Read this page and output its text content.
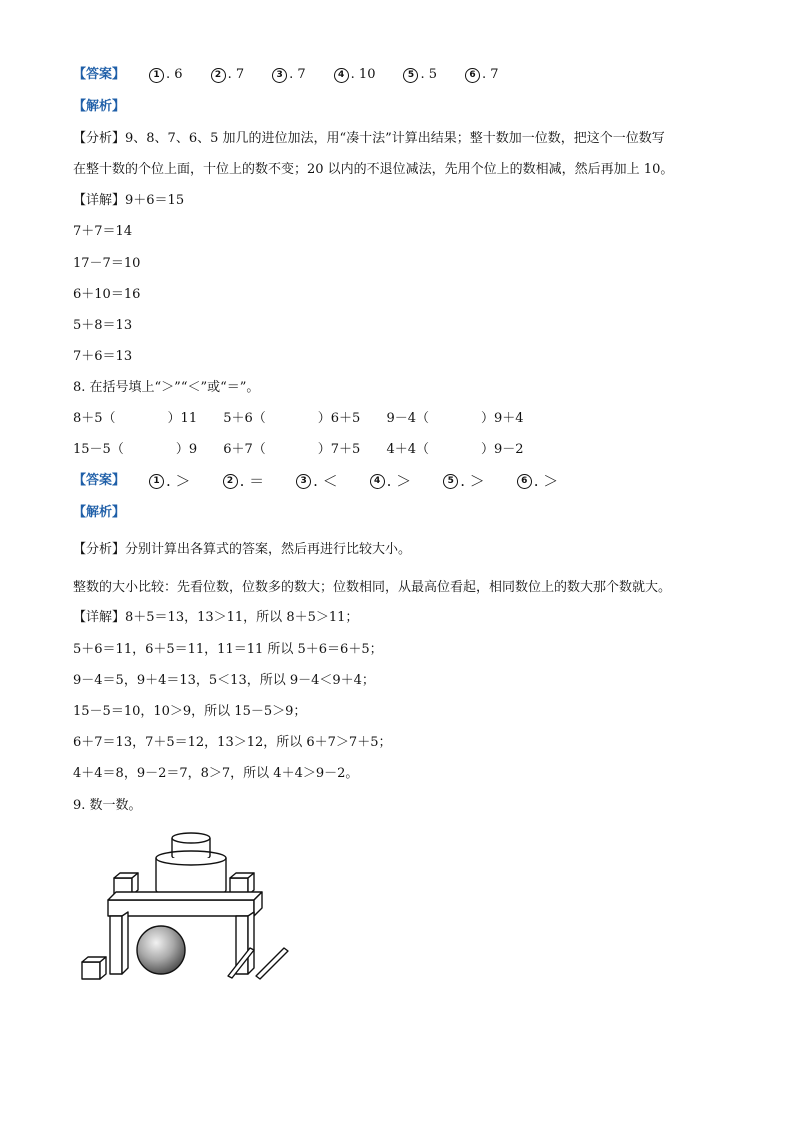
【答案】	1 . 6	2 . 7	3 . 7	4 . 10	5 . 5	6 . 7
【解析】
【分析】9、8、7、6、5 加几的进位加法，用“凑十法”计算出结果；整十数加一位数，把这个一位数写
在整十数的个位上面，十位上的数不变；20 以内的不退位减法，先用个位上的数相减，然后再加上 10。
【详解】9＋6＝15
7＋7＝14
17－7＝10
6＋10＝16
5＋8＝13
7＋6＝13
8. 在括号填上“＞”“＜”或“＝”。
8＋5（　　　　）11 5＋6（　　　　）6＋5 9－4（　　　　）9＋4
15－5（　　　　）9 6＋7（　　　　）7＋5 4＋4（　　　　）9－2
【答案】	1 . ＞	2 . ＝	3 . ＜	4 . ＞	5 . ＞	6 . ＞
【解析】
【分析】分别计算出各算式的答案，然后再进行比较大小。
整数的大小比较：先看位数，位数多的数大；位数相同，从最高位看起，相同数位上的数大那个数就大。
【详解】8＋5＝13，13＞11，所以 8＋5＞11；
5＋6＝11，6＋5＝11，11＝11 所以 5＋6＝6＋5；
9－4＝5，9＋4＝13，5＜13，所以 9－4＜9＋4；
15－5＝10，10＞9，所以 15－5＞9；
6＋7＝13，7＋5＝12，13＞12，所以 6＋7＞7＋5；
4＋4＝8，9－2＝7，8＞7，所以 4＋4＞9－2。
9. 数一数。
